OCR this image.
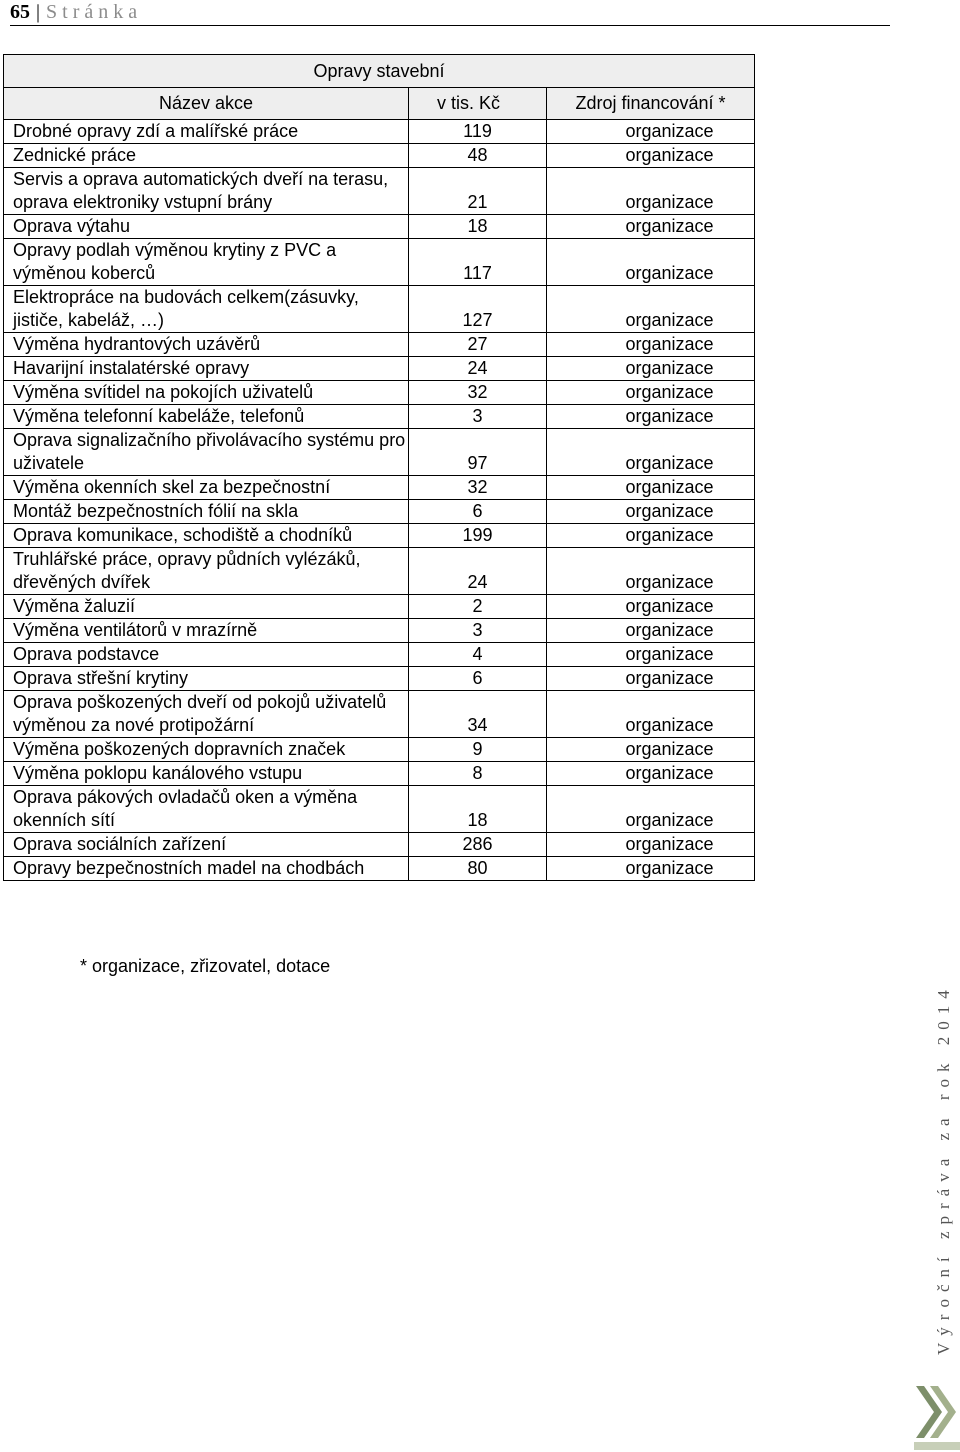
65 | Stránka
Opravy stavební		
Název akce	v tis. Kč	Zdroj financování *
Drobné opravy zdí a malířské práce	119	organizace
Zednické práce	48	organizace
Servis a oprava automatických dveří na terasu, oprava elektroniky vstupní brány	21	organizace
Oprava výtahu	18	organizace
Opravy podlah výměnou krytiny z PVC a výměnou koberců	117	organizace
Elektropráce na budovách celkem(zásuvky, jističe, kabeláž, …)	127	organizace
Výměna hydrantových uzávěrů	27	organizace
Havarijní instalatérské opravy	24	organizace
Výměna svítidel na pokojích uživatelů	32	organizace
Výměna telefonní kabeláže, telefonů	3	organizace
Oprava signalizačního přivolávacího systému pro uživatele	97	organizace
Výměna okenních skel za bezpečnostní	32	organizace
Montáž bezpečnostních fólií na skla	6	organizace
Oprava komunikace, schodiště a chodníků	199	organizace
Truhlářské práce, opravy půdních vylézáků, dřevěných dvířek	24	organizace
Výměna žaluzií	2	organizace
Výměna ventilátorů v mrazírně	3	organizace
Oprava podstavce	4	organizace
Oprava střešní krytiny	6	organizace
Oprava poškozených dveří od pokojů uživatelů výměnou za nové protipožární	34	organizace
Výměna poškozených dopravních značek	9	organizace
Výměna poklopu kanálového vstupu	8	organizace
Oprava pákových ovladačů oken a výměna okenních sítí	18	organizace
Oprava sociálních zařízení	286	organizace
Opravy bezpečnostních madel na chodbách	80	organizace
* organizace, zřizovatel, dotace
Výroční zpráva za rok 2014
